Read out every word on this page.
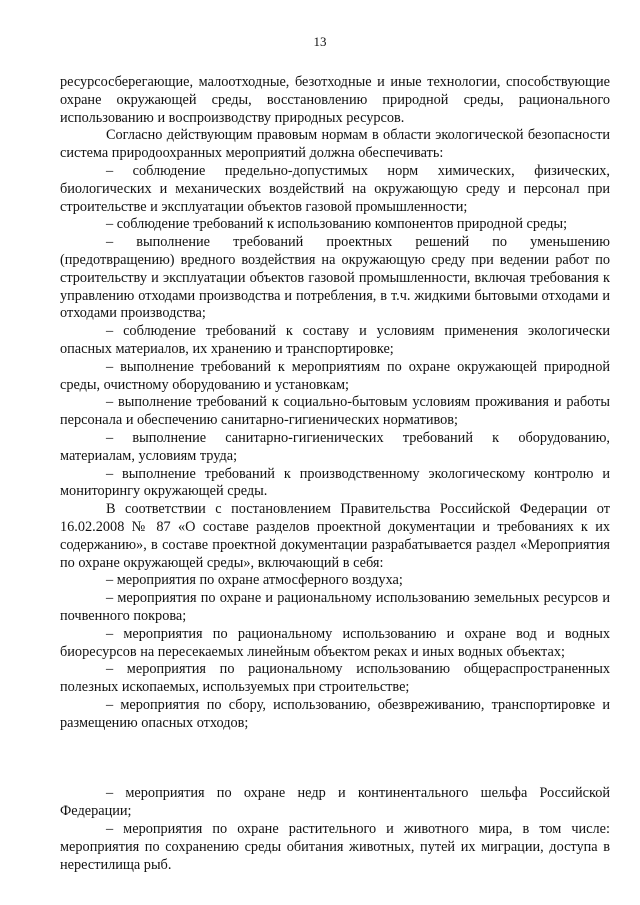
13

ресурсосберегающие, малоотходные, безотходные и иные технологии, способствующие охране окружающей среды, восстановлению природной среды, рационального использованию и воспроизводству природных ресурсов.

Согласно действующим правовым нормам в области экологической безопасности система природоохранных мероприятий должна обеспечивать:

– соблюдение предельно-допустимых норм химических, физических, биологических и механических воздействий на окружающую среду и персонал при строительстве и эксплуатации объектов газовой промышленности;

– соблюдение требований к использованию компонентов природной среды;

– выполнение требований проектных решений по уменьшению (предотвращению) вредного воздействия на окружающую среду при ведении работ по строительству и эксплуатации объектов газовой промышленности, включая требования к управлению отходами производства и потребления, в т.ч. жидкими бытовыми отходами и отходами производства;

– соблюдение требований к составу и условиям применения экологически опасных материалов, их хранению и транспортировке;

– выполнение требований к мероприятиям по охране окружающей природной среды, очистному оборудованию и установкам;

– выполнение требований к социально-бытовым условиям проживания и работы персонала и обеспечению санитарно-гигиенических нормативов;

– выполнение санитарно-гигиенических требований к оборудованию, материалам, условиям труда;

– выполнение требований к производственному экологическому контролю и мониторингу окружающей среды.

В соответствии с постановлением Правительства Российской Федерации от 16.02.2008 № 87 «О составе разделов проектной документации и требованиях к их содержанию», в составе проектной документации разрабатывается раздел «Мероприятия по охране окружающей среды», включающий в себя:

– мероприятия по охране атмосферного воздуха;

– мероприятия по охране и рациональному использованию земельных ресурсов и почвенного покрова;

– мероприятия по рациональному использованию и охране вод и водных биоресурсов на пересекаемых линейным объектом реках и иных водных объектах;

– мероприятия по рациональному использованию общераспространенных полезных ископаемых, используемых при строительстве;

– мероприятия по сбору, использованию, обезвреживанию, транспортировке и размещению опасных отходов;

– мероприятия по охране недр и континентального шельфа Российской Федерации;

– мероприятия по охране растительного и животного мира, в том числе: мероприятия по сохранению среды обитания животных, путей их миграции, доступа в нерестилища рыб.
